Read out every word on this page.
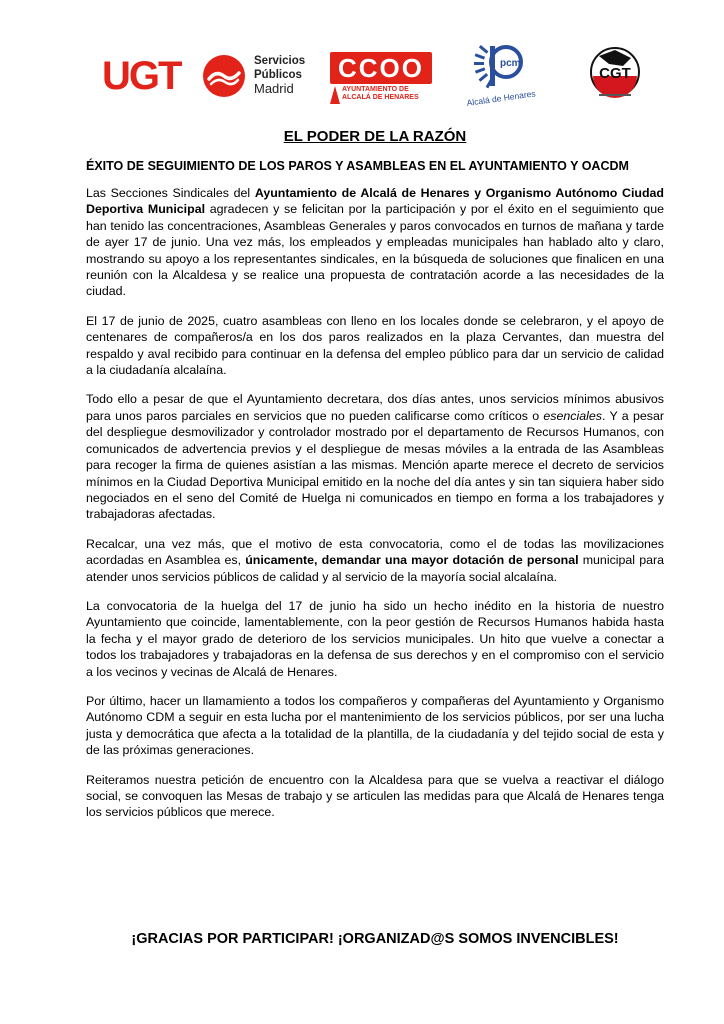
UGT	Servicios
Públicos
Madrid
CCOO
AYUNTAMIENTO DE
ALCALÁ DE HENARES
pcm
Alcalá de Henares
CGT
EL PODER DE LA RAZÓN
ÉXITO DE SEGUIMIENTO DE LOS PAROS Y ASAMBLEAS EN EL AYUNTAMIENTO Y OACDM
Las Secciones Sindicales del Ayuntamiento de Alcalá de Henares y Organismo Autónomo Ciudad Deportiva Municipal agradecen y se felicitan por la participación y por el éxito en el seguimiento que han tenido las concentraciones, Asambleas Generales y paros convocados en turnos de mañana y tarde de ayer 17 de junio. Una vez más, los empleados y empleadas municipales han hablado alto y claro, mostrando su apoyo a los representantes sindicales, en la búsqueda de soluciones que finalicen en una reunión con la Alcaldesa y se realice una propuesta de contratación acorde a las necesidades de la ciudad.
El 17 de junio de 2025, cuatro asambleas con lleno en los locales donde se celebraron, y el apoyo de centenares de compañeros/a en los dos paros realizados en la plaza Cervantes, dan muestra del respaldo y aval recibido para continuar en la defensa del empleo público para dar un servicio de calidad a la ciudadanía alcalaína.
Todo ello a pesar de que el Ayuntamiento decretara, dos días antes, unos servicios mínimos abusivos para unos paros parciales en servicios que no pueden calificarse como críticos o esenciales. Y a pesar del despliegue desmovilizador y controlador mostrado por el departamento de Recursos Humanos, con comunicados de advertencia previos y el despliegue de mesas móviles a la entrada de las Asambleas para recoger la firma de quienes asistían a las mismas. Mención aparte merece el decreto de servicios mínimos en la Ciudad Deportiva Municipal emitido en la noche del día antes y sin tan siquiera haber sido negociados en el seno del Comité de Huelga ni comunicados en tiempo en forma a los trabajadores y trabajadoras afectadas.
Recalcar, una vez más, que el motivo de esta convocatoria, como el de todas las movilizaciones acordadas en Asamblea es, únicamente, demandar una mayor dotación de personal municipal para atender unos servicios públicos de calidad y al servicio de la mayoría social alcalaína.
La convocatoria de la huelga del 17 de junio ha sido un hecho inédito en la historia de nuestro Ayuntamiento que coincide, lamentablemente, con la peor gestión de Recursos Humanos habida hasta la fecha y el mayor grado de deterioro de los servicios municipales. Un hito que vuelve a conectar a todos los trabajadores y trabajadoras en la defensa de sus derechos y en el compromiso con el servicio a los vecinos y vecinas de Alcalá de Henares.
Por último, hacer un llamamiento a todos los compañeros y compañeras del Ayuntamiento y Organismo Autónomo CDM a seguir en esta lucha por el mantenimiento de los servicios públicos, por ser una lucha justa y democrática que afecta a la totalidad de la plantilla, de la ciudadanía y del tejido social de esta y de las próximas generaciones.
Reiteramos nuestra petición de encuentro con la Alcaldesa para que se vuelva a reactivar el diálogo social, se convoquen las Mesas de trabajo y se articulen las medidas para que Alcalá de Henares tenga los servicios públicos que merece.
¡GRACIAS POR PARTICIPAR! ¡ORGANIZAD@S SOMOS INVENCIBLES!
